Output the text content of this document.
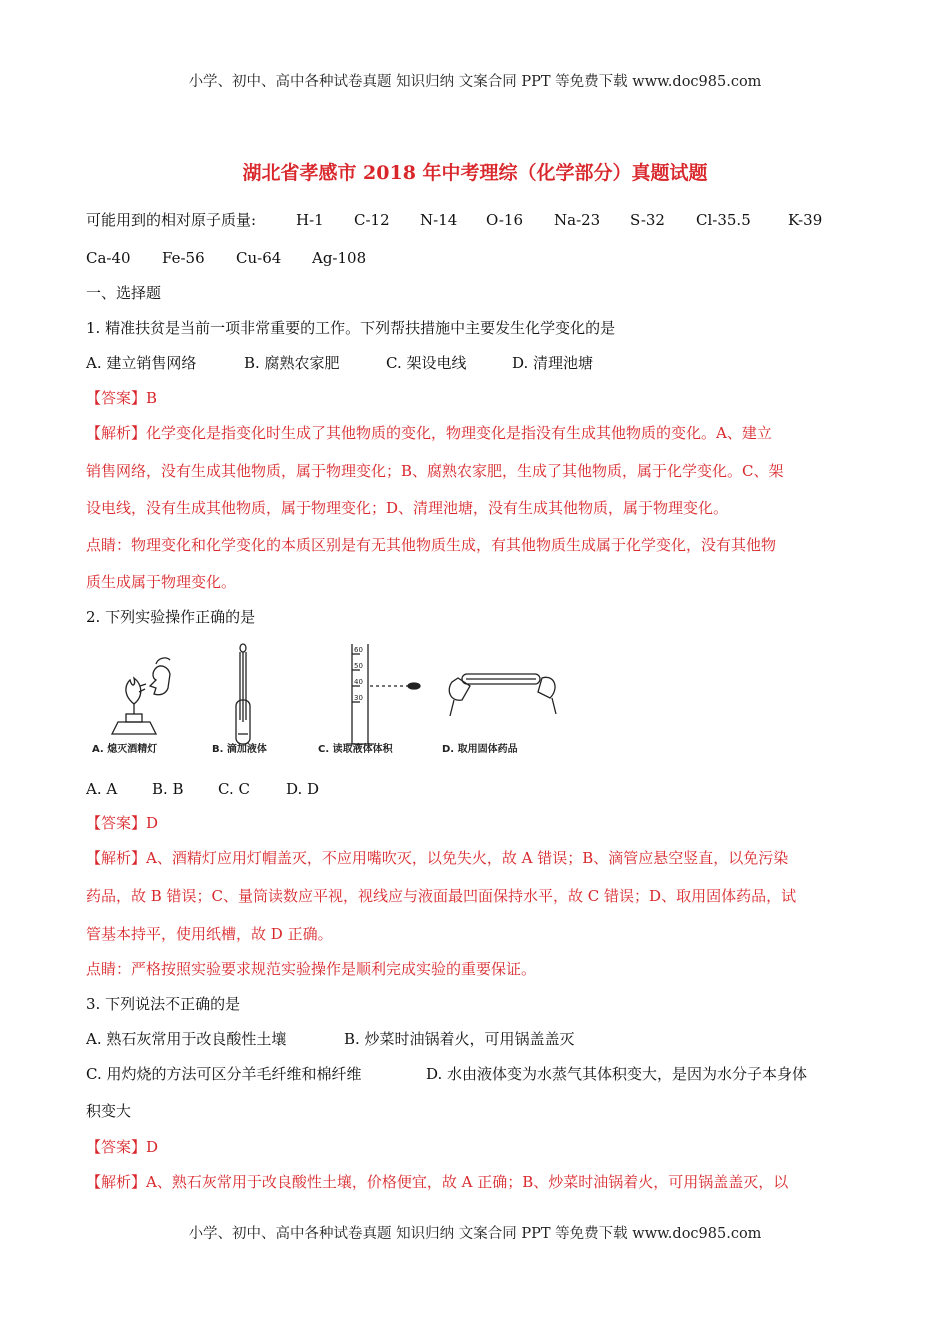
小学、初中、高中各种试卷真题 知识归纳 文案合同 PPT 等免费下载 www.doc985.com
湖北省孝感市 2018 年中考理综（化学部分）真题试题
可能用到的相对原子质量:	H-1 C-12 N-14 O-16 Na-23 S-32 Cl-35.5 K-39
Ca-40 Fe-56 Cu-64 Ag-108
一、选择题
1. 精准扶贫是当前一项非常重要的工作。下列帮扶措施中主要发生化学变化的是
A. 建立销售网络	B. 腐熟农家肥	C. 架设电线	D. 清理池塘
【答案】B
【解析】化学变化是指变化时生成了其他物质的变化，物理变化是指没有生成其他物质的变化。A、建立
销售网络，没有生成其他物质，属于物理变化；B、腐熟农家肥，生成了其他物质，属于化学变化。C、架
设电线，没有生成其他物质，属于物理变化；D、清理池塘，没有生成其他物质，属于物理变化。
点睛：物理变化和化学变化的本质区别是有无其他物质生成，有其他物质生成属于化学变化，没有其他物
质生成属于物理变化。
2. 下列实验操作正确的是
A. 熄灭酒精灯	B. 滴加液体	C. 读取液体体积	D. 取用固体药品
60
50
40
30
A. A B. B C. C D. D
【答案】D
【解析】A、酒精灯应用灯帽盖灭，不应用嘴吹灭，以免失火，故 A 错误；B、滴管应悬空竖直，以免污染
药品，故 B 错误；C、量筒读数应平视，视线应与液面最凹面保持水平，故 C 错误；D、取用固体药品，试
管基本持平，使用纸槽，故 D 正确。
点睛：严格按照实验要求规范实验操作是顺利完成实验的重要保证。
3. 下列说法不正确的是
A. 熟石灰常用于改良酸性土壤	B. 炒菜时油锅着火，可用锅盖盖灭
C. 用灼烧的方法可区分羊毛纤维和棉纤维	D. 水由液体变为水蒸气其体积变大，是因为水分子本身体
积变大
【答案】D
【解析】A、熟石灰常用于改良酸性土壤，价格便宜，故 A 正确；B、炒菜时油锅着火，可用锅盖盖灭，以
小学、初中、高中各种试卷真题 知识归纳 文案合同 PPT 等免费下载 www.doc985.com
